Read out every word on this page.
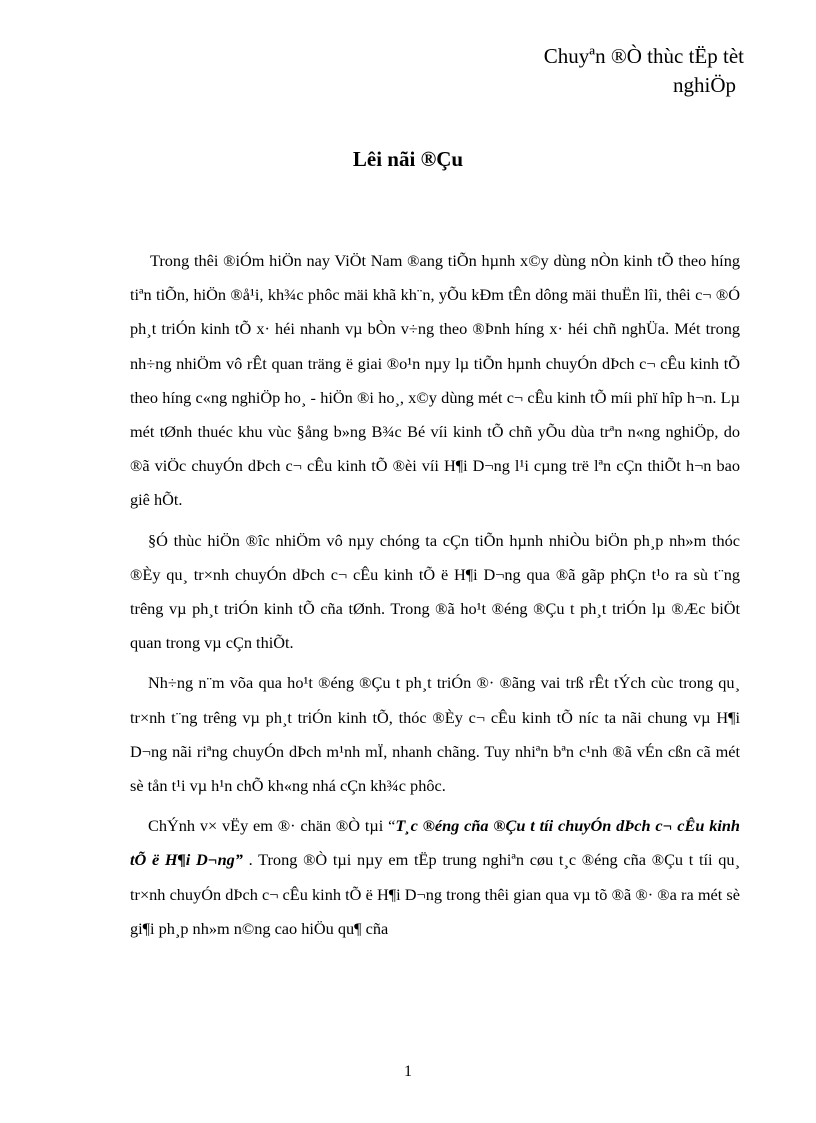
Chuyªn ®Ò thùc tËp tèt
nghiÖp
Lêi nãi ®Çu

Trong thêi ®iÓm hiÖn nay ViÖt Nam ®ang tiÕn hµnh x©y dùng nÒn kinh tÕ theo híng tiªn tiÕn, hiÖn ®å¹i, kh¾c phôc mäi khã kh¨n, yÕu kÐm tÊn dông mäi thuËn lîi, thêi c¬ ®Ó ph¸t triÓn kinh tÕ x· héi nhanh vµ bÒn v÷ng theo ®Þnh híng x· héi chñ nghÜa. Mét trong nh÷ng nhiÖm vô rÊt quan träng ë giai ®o¹n nµy lµ tiÕn hµnh chuyÓn dÞch c¬ cÊu kinh tÕ theo híng c«ng nghiÖp ho¸ - hiÖn ®i ho¸, x©y dùng mét c¬ cÊu kinh tÕ míi phï hîp h¬n. Lµ mét tØnh thuéc khu vùc §ång b»ng B¾c Bé víi kinh tÕ chñ yÕu dùa trªn n«ng nghiÖp, do ®ã viÖc chuyÓn dÞch c¬ cÊu kinh tÕ ®èi víi H¶i D¬ng l¹i cµng trë lªn cÇn thiÕt h¬n bao giê hÕt.

§Ó thùc hiÖn ®îc nhiÖm vô nµy chóng ta cÇn tiÕn hµnh nhiÒu biÖn ph¸p nh»m thóc ®Èy qu¸ tr×nh chuyÓn dÞch c¬ cÊu kinh tÕ ë H¶i D¬ng qua ®ã gãp phÇn t¹o ra sù t¨ng trêng vµ ph¸t triÓn kinh tÕ cña tØnh. Trong ®ã ho¹t ®éng ®Çu t ph¸t triÓn lµ ®Æc biÖt quan trong vµ cÇn thiÕt.

Nh÷ng n¨m võa qua ho¹t ®éng ®Çu t ph¸t triÓn ®· ®ãng vai trß rÊt tÝch cùc trong qu¸ tr×nh t¨ng trêng vµ ph¸t triÓn kinh tÕ, thóc ®Èy c¬ cÊu kinh tÕ níc ta nãi chung vµ H¶i D¬ng nãi riªng chuyÓn dÞch m¹nh mÏ, nhanh chãng. Tuy nhiªn bªn c¹nh ®ã vÉn cßn cã mét sè tån t¹i vµ h¹n chÕ kh«ng nhá cÇn kh¾c phôc.

ChÝnh v× vËy em ®· chän ®Ò tµi “T¸c ®éng cña ®Çu t tíi chuyÓn dÞch c¬ cÊu kinh tÕ ë H¶i D¬ng” . Trong ®Ò tµi nµy em tËp trung nghiªn cøu t¸c ®éng cña ®Çu t tíi qu¸ tr×nh chuyÓn dÞch c¬ cÊu kinh tÕ ë H¶i D¬ng trong thêi gian qua vµ tõ ®ã ®· ®a ra mét sè gi¶i ph¸p nh»m n©ng cao hiÖu qu¶ cña

1
